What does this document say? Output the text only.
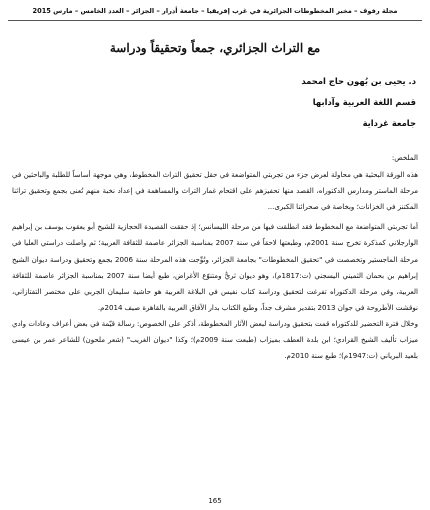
مجلة رفوف – مخبر المخطوطات الجزائرية في غرب إفريقيا – جامعة أدرار – الجزائر – العدد الخامس – مارس 2015
مع التراث الجزائري، جمعاً وتحقيقاً ودراسة
د. يحيى بن بُهون حاج امحمد
قسم اللغة العربية وآدابها
جامعة غرداية

الملخص:

هذه الورقة البحثية هي محاولة لعرض جزء من تجربتي المتواضعة في حقل تحقيق التراث المخطوط، وهي موجهة أساساً للطلبة والباحثين في مرحلة الماستر ومدارس الدكتوراه، القصد منها تحفيزهم على اقتحام غمار التراث والمساهمة في إعداد نخبة منهم تُعنى بجمع وتحقيق تراثنا المكتنز في الخزانات؛ وبخاصة في صحرائنا الكبرى...

أما تجربتي المتواضعة مع المخطوط فقد انطلقت فيها من مرحلة الليسانس؛ إذ حققت القصيدة الحجازية للشيخ أبو يعقوب يوسف بن إبراهيم الوارجلاني كمذكرة تخرج سنة 2001م، وطبعتها لاحقاً في سنة 2007 بمناسبة الجزائر عاصمة للثقافة العربية؛ ثم واصلت دراستي العليا في مرحلة الماجستير وتخصصت في "تحقيق المخطوطات" بجامعة الجزائر، وتُوِّجت هذه المرحلة سنة 2006 بجمع وتحقيق ودراسة ديوان الشيخ إبراهيم بن بحمان الثميني اليسجني (ت:1817م)، وهو ديوان ثريٌّ ومتنوّع الأغراض، طبع أيضا سنة 2007 بمناسبة الجزائر عاصمة للثقافة العربية، وفي مرحلة الدكتوراه تفرغت لتحقيق ودراسة كتاب نفيس في البلاغة العربية هو حاشية سليمان الجربي على مختصر التفتازاني، نوقشت الأطروحة في جوان 2013 بتقدير مشرف جداً، وطبع الكتاب بدار الآفاق العربية بالقاهرة صيف 2014م.

وخلال فترة التحضير للدكتوراه قمت بتحقيق ودراسة لبعض الآثار المخطوطة، أذكر على الخصوص: رسالة قيّمة في بعض أعراف وعادات وادي ميزاب تأليف الشيخ القرادي؛ ابن بلدة العطف بميزاب (طبعت سنة 2009م)؛ وكذا "ديوان الغريب" (شعر ملحون) للشاعر عمر بن عيسى بلعيد البرياني (ت:1947م)؛ طبع سنة 2010م.

165
